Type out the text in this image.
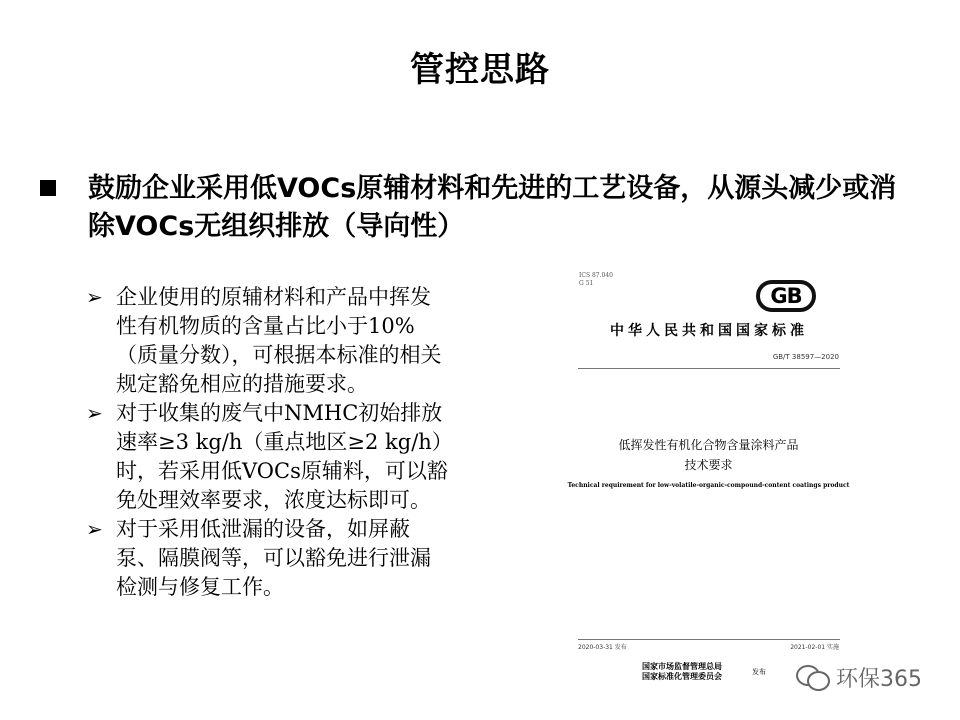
管控思路
鼓励企业采用低VOCs原辅材料和先进的工艺设备，从源头减少或消除VOCs无组织排放（导向性）
➢ 企业使用的原辅材料和产品中挥发性有机物质的含量占比小于10%（质量分数），可根据本标准的相关规定豁免相应的措施要求。
➢ 对于收集的废气中NMHC初始排放速率≥3 kg/h（重点地区≥2 kg/h）时，若采用低VOCs原辅料，可以豁免处理效率要求，浓度达标即可。
➢ 对于采用低泄漏的设备，如屏蔽泵、隔膜阀等，可以豁免进行泄漏检测与修复工作。
ICS 87.040
G 51
GB
中华人民共和国国家标准
GB/T 38597—2020
低挥发性有机化合物含量涂料产品
技术要求
Technical requirement for low-volatile-organic-compound-content coatings product
2020-03-31 发布	2021-02-01 实施
国家市场监督管理总局
国家标准化管理委员会	发布	环保365
